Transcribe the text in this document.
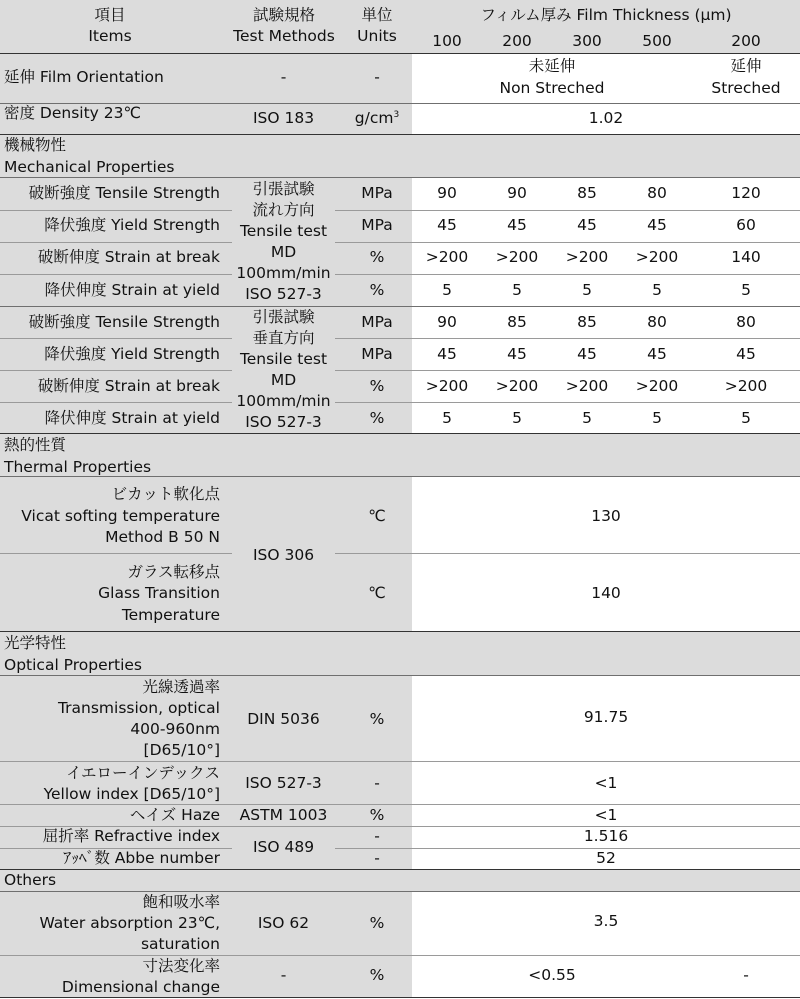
項目
Items
試験規格
Test Methods
単位
Units
フィルム厚み Film Thickness (μm)
100	200	300	500	200
延伸 Film Orientation	-	-
未延伸
Non Streched
延伸
Streched
密度 Density 23℃	ISO 183	$g/cm^3$	1.02
機械物性
Mechanical Properties
引張試験
流れ方向
Tensile test
MD
100mm/min
ISO 527-3
破断強度 Tensile Strength	MPa	90	90	85	80	120
降伏強度 Yield Strength	MPa	45	45	45	45	60
破断伸度 Strain at break	%	>200	>200	>200	>200	140
降伏伸度 Strain at yield	%	5	5	5	5	5
引張試験
垂直方向
Tensile test
MD
100mm/min
ISO 527-3
破断強度 Tensile Strength	MPa	90	85	85	80	80
降伏強度 Yield Strength	MPa	45	45	45	45	45
破断伸度 Strain at break	%	>200	>200	>200	>200	>200
降伏伸度 Strain at yield	%	5	5	5	5	5
熱的性質
Thermal Properties
ISO 306
ビカット軟化点
Vicat softing temperature
Method B 50 N
℃	130
ガラス転移点
Glass Transition
Temperature
℃	140
光学特性
Optical Properties
光線透過率
Transmission, optical
400-960nm
[D65/10°]
DIN 5036	%	91.75
イエローインデックス
Yellow index [D65/10°]
ISO 527-3	-	<1
ヘイズ Haze	ASTM 1003	%	<1
屈折率 Refractive index	-	1.516
ISO 489
ｱｯﾍﾞ数 Abbe number	-	52
Others
飽和吸水率
Water absorption 23℃,
saturation
ISO 62	%	3.5
寸法変化率
Dimensional change
-	%	<0.55	-
